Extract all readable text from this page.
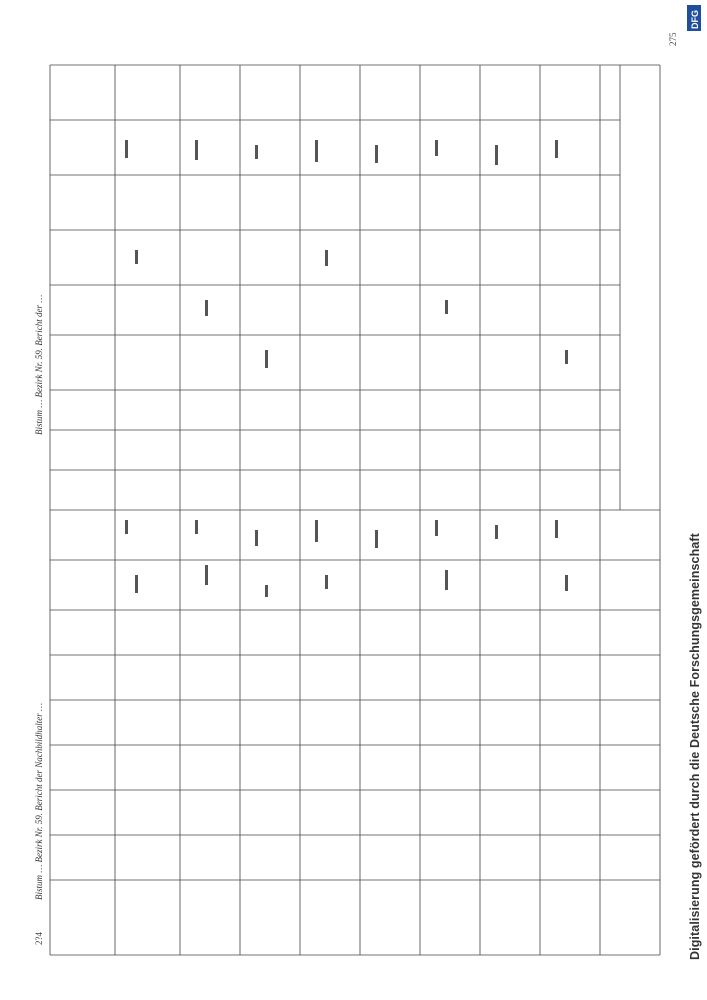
DFG
Digitalisierung gefördert durch die Deutsche Forschungsgemeinschaft
2?4
275
Bistum … Bezirk Nr. 59. Bericht der Nachbildhalter …
Bistum … Bezirk Nr. 59. Bericht der …
